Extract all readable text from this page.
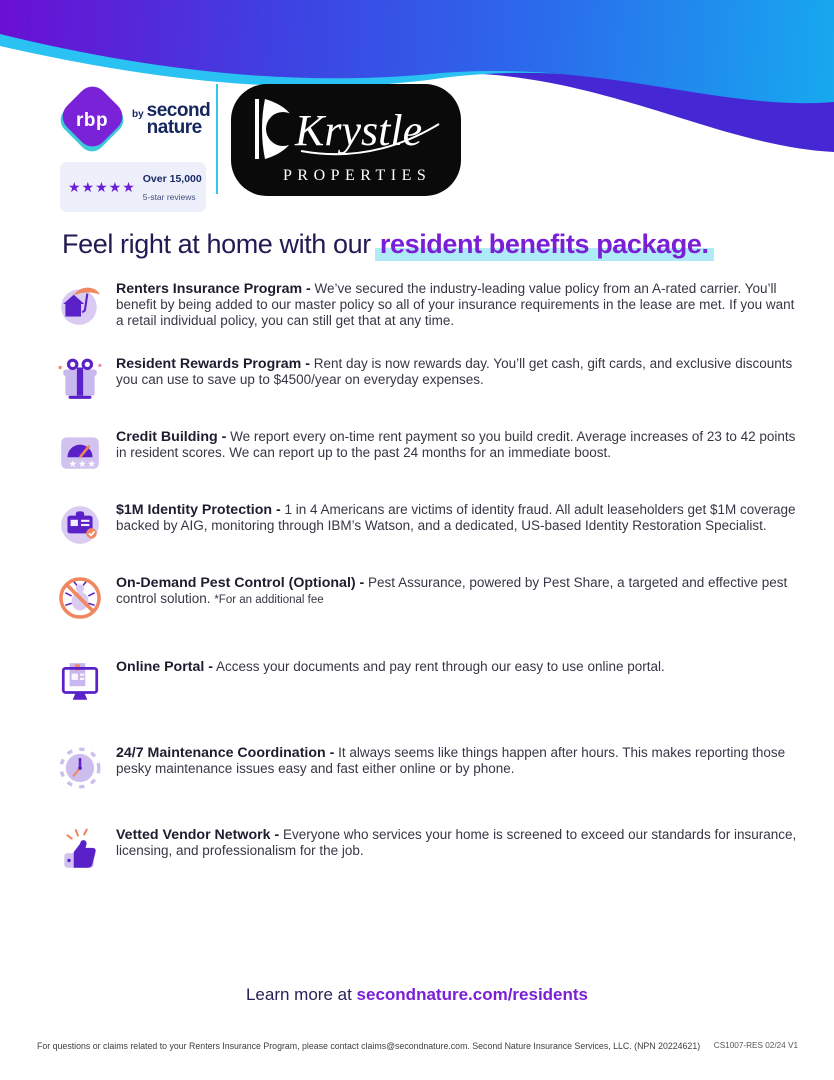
rbp	by second
nature
★★★★★ Over 15,000
5-star reviews
Krystle
PROPERTIES
Feel right at home with our resident benefits package.

Renters Insurance Program - We’ve secured the industry-leading value policy from an A-rated carrier. You’ll benefit by being added to our master policy so all of your insurance requirements in the lease are met. If you want a retail individual policy, you can still get that at any time.

Resident Rewards Program - Rent day is now rewards day. You’ll get cash, gift cards, and exclusive discounts you can use to save up to $4500/year on everyday expenses.

★★★

Credit Building - We report every on-time rent payment so you build credit. Average increases of 23 to 42 points in resident scores. We can report up to the past 24 months for an immediate boost.

$1M Identity Protection - 1 in 4 Americans are victims of identity fraud. All adult leaseholders get $1M coverage backed by AIG, monitoring through IBM’s Watson, and a dedicated, US-based Identity Restoration Specialist.

On-Demand Pest Control (Optional) - Pest Assurance, powered by Pest Share, a targeted and effective pest control solution. *For an additional fee

Online Portal - Access your documents and pay rent through our easy to use online portal.

24/7 Maintenance Coordination - It always seems like things happen after hours. This makes reporting those pesky maintenance issues easy and fast either online or by phone.

Vetted Vendor Network - Everyone who services your home is screened to exceed our standards for insurance, licensing, and professionalism for the job.

Learn more at secondnature.com/residents
For questions or claims related to your Renters Insurance Program, please contact claims@secondnature.com. Second Nature Insurance Services, LLC. (NPN 20224621) CS1007-RES 02/24 V1
